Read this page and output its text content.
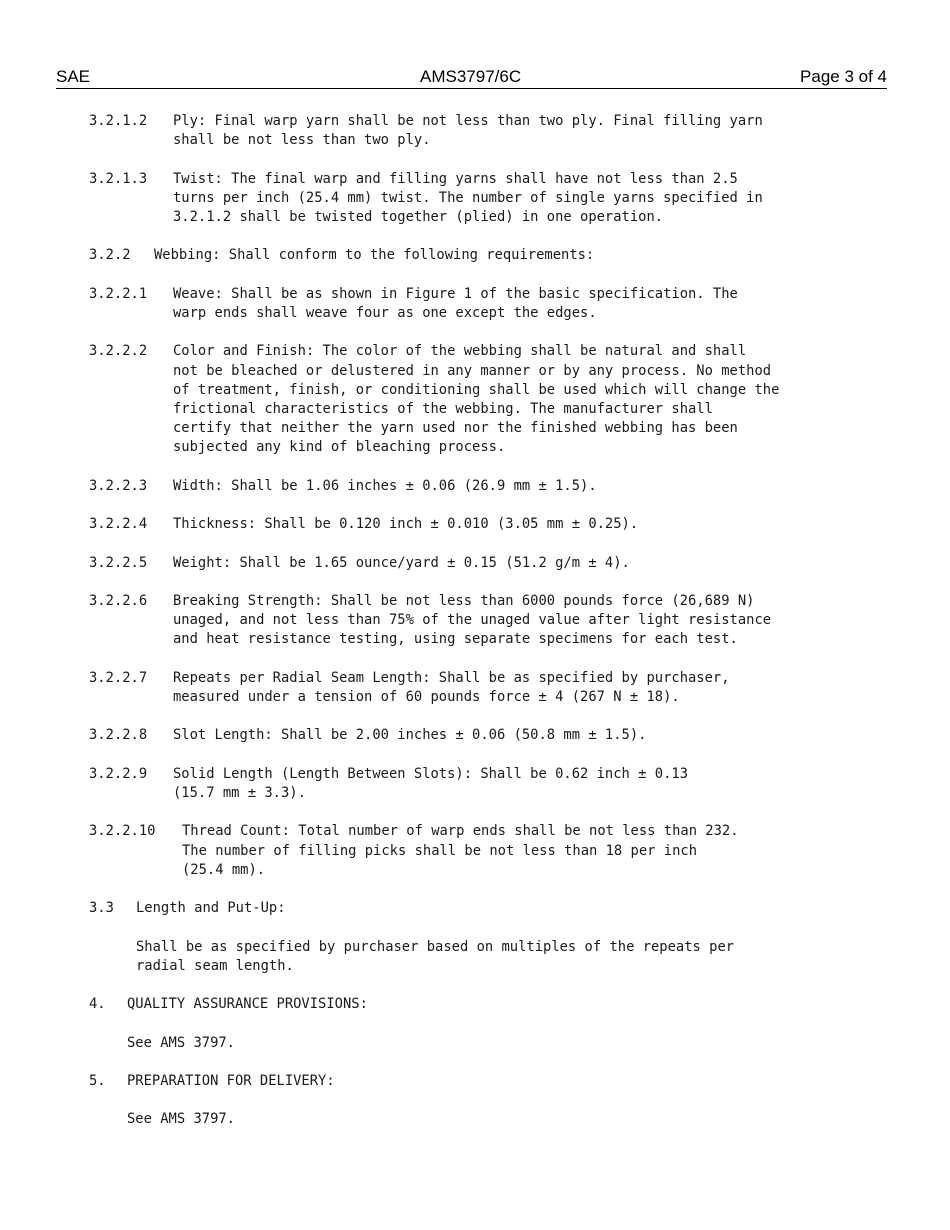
SAE	AMS3797/6C	Page 3 of 4
3.2.1.2	Ply: Final warp yarn shall be not less than two ply. Final filling yarn
shall be not less than two ply.
3.2.1.3	Twist: The final warp and filling yarns shall have not less than 2.5
turns per inch (25.4 mm) twist. The number of single yarns specified in
3.2.1.2 shall be twisted together (plied) in one operation.
3.2.2	Webbing: Shall conform to the following requirements:
3.2.2.1	Weave: Shall be as shown in Figure 1 of the basic specification. The
warp ends shall weave four as one except the edges.
3.2.2.2	Color and Finish: The color of the webbing shall be natural and shall
not be bleached or delustered in any manner or by any process. No method
of treatment, finish, or conditioning shall be used which will change the
frictional characteristics of the webbing. The manufacturer shall
certify that neither the yarn used nor the finished webbing has been
subjected any kind of bleaching process.
3.2.2.3	Width: Shall be 1.06 inches ± 0.06 (26.9 mm ± 1.5).
3.2.2.4	Thickness: Shall be 0.120 inch ± 0.010 (3.05 mm ± 0.25).
3.2.2.5	Weight: Shall be 1.65 ounce/yard ± 0.15 (51.2 g/m ± 4).
3.2.2.6	Breaking Strength: Shall be not less than 6000 pounds force (26,689 N)
unaged, and not less than 75% of the unaged value after light resistance
and heat resistance testing, using separate specimens for each test.
3.2.2.7	Repeats per Radial Seam Length: Shall be as specified by purchaser,
measured under a tension of 60 pounds force ± 4 (267 N ± 18).
3.2.2.8	Slot Length: Shall be 2.00 inches ± 0.06 (50.8 mm ± 1.5).
3.2.2.9	Solid Length (Length Between Slots): Shall be 0.62 inch ± 0.13
(15.7 mm ± 3.3).
3.2.2.10	Thread Count: Total number of warp ends shall be not less than 232.
The number of filling picks shall be not less than 18 per inch
(25.4 mm).
3.3	Length and Put-Up:
Shall be as specified by purchaser based on multiples of the repeats per
radial seam length.
4.	QUALITY ASSURANCE PROVISIONS:
See AMS 3797.
5.	PREPARATION FOR DELIVERY:
See AMS 3797.
